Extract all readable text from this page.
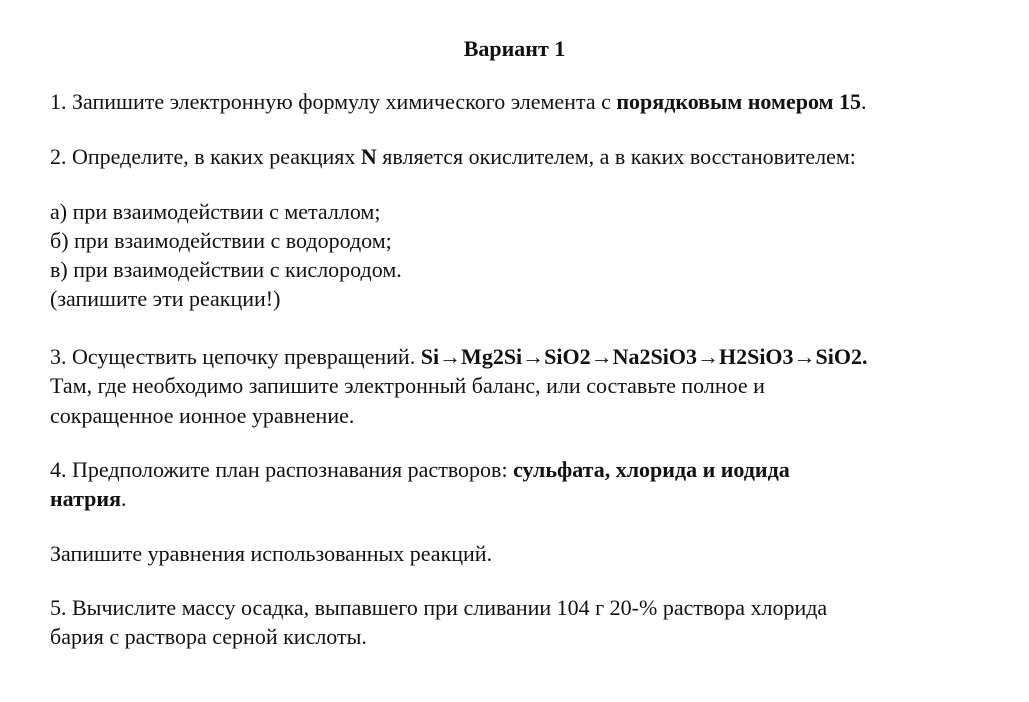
Вариант 1
1. Запишите электронную формулу химического элемента с порядковым номером 15.
2. Определите, в каких реакциях N является окислителем, а в каких восстановителем:
а) при взаимодействии с металлом;
б) при взаимодействии с водородом;
в) при взаимодействии с кислородом.
(запишите эти реакции!)
3. Осуществить цепочку превращений. Si→Mg2Si→SiO2→Na2SiO3→H2SiO3→SiO2.
Там, где необходимо запишите электронный баланс, или составьте полное и
сокращенное ионное уравнение.
4. Предположите план распознавания растворов: сульфата, хлорида и иодида
натрия.
Запишите уравнения использованных реакций.
5. Вычислите массу осадка, выпавшего при сливании 104 г 20-% раствора хлорида
бария с раствора серной кислоты.
